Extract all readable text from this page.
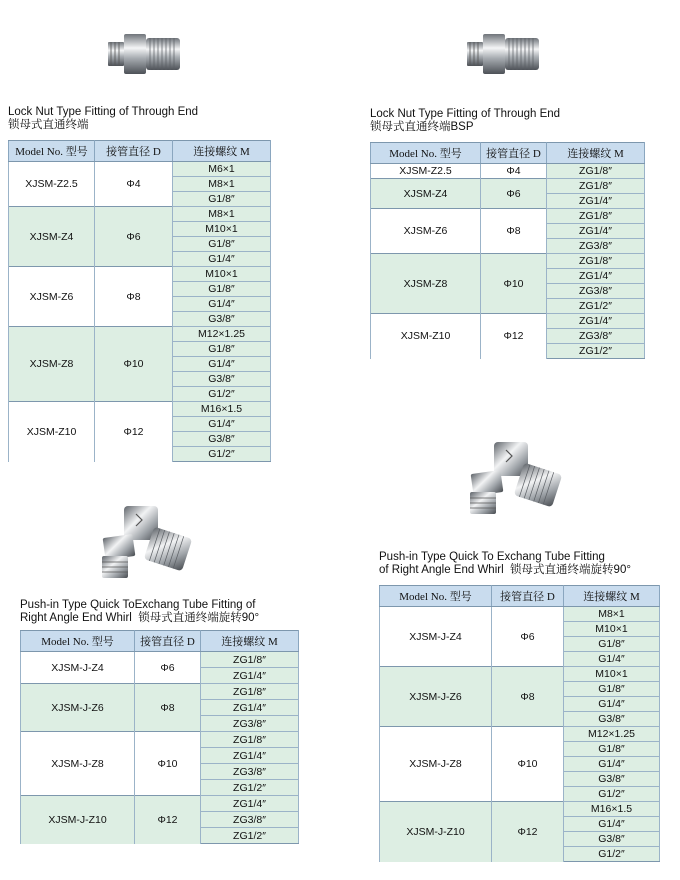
Lock Nut Type Fitting of Through End
锁母式直通终端
Model No. 型号	接管直径 D	连接螺纹 M
XJSM-Z2.5	Φ4	M6×1
		M8×1
		G1/8″
XJSM-Z4	Φ6	M8×1
		M10×1
		G1/8″
		G1/4″
XJSM-Z6	Φ8	M10×1
		G1/8″
		G1/4″
		G3/8″
XJSM-Z8	Φ10	M12×1.25
		G1/8″
		G1/4″
		G3/8″
		G1/2″
XJSM-Z10	Φ12	M16×1.5
		G1/4″
		G3/8″
		G1/2″
Lock Nut Type Fitting of Through End
锁母式直通终端BSP
Model No. 型号	接管直径 D	连接螺纹 M
XJSM-Z2.5	Φ4	ZG1/8″
XJSM-Z4	Φ6	ZG1/8″
		ZG1/4″
XJSM-Z6	Φ8	ZG1/8″
		ZG1/4″
		ZG3/8″
XJSM-Z8	Φ10	ZG1/8″
		ZG1/4″
		ZG3/8″
		ZG1/2″
XJSM-Z10	Φ12	ZG1/4″
		ZG3/8″
		ZG1/2″
Push-in Type Quick ToExchang Tube Fitting of
Right Angle End Whirl 锁母式直通终端旋转90°
Model No. 型号	接管直径 D	连接螺纹 M
XJSM-J-Z4	Φ6	ZG1/8″
		ZG1/4″
XJSM-J-Z6	Φ8	ZG1/8″
		ZG1/4″
		ZG3/8″
XJSM-J-Z8	Φ10	ZG1/8″
		ZG1/4″
		ZG3/8″
		ZG1/2″
XJSM-J-Z10	Φ12	ZG1/4″
		ZG3/8″
		ZG1/2″
Push-in Type Quick To Exchang Tube Fitting
of Right Angle End Whirl 锁母式直通终端旋转90°
Model No. 型号	接管直径 D	连接螺纹 M
XJSM-J-Z4	Φ6	M8×1
		M10×1
		G1/8″
		G1/4″
XJSM-J-Z6	Φ8	M10×1
		G1/8″
		G1/4″
		G3/8″
XJSM-J-Z8	Φ10	M12×1.25
		G1/8″
		G1/4″
		G3/8″
		G1/2″
XJSM-J-Z10	Φ12	M16×1.5
		G1/4″
		G3/8″
		G1/2″
